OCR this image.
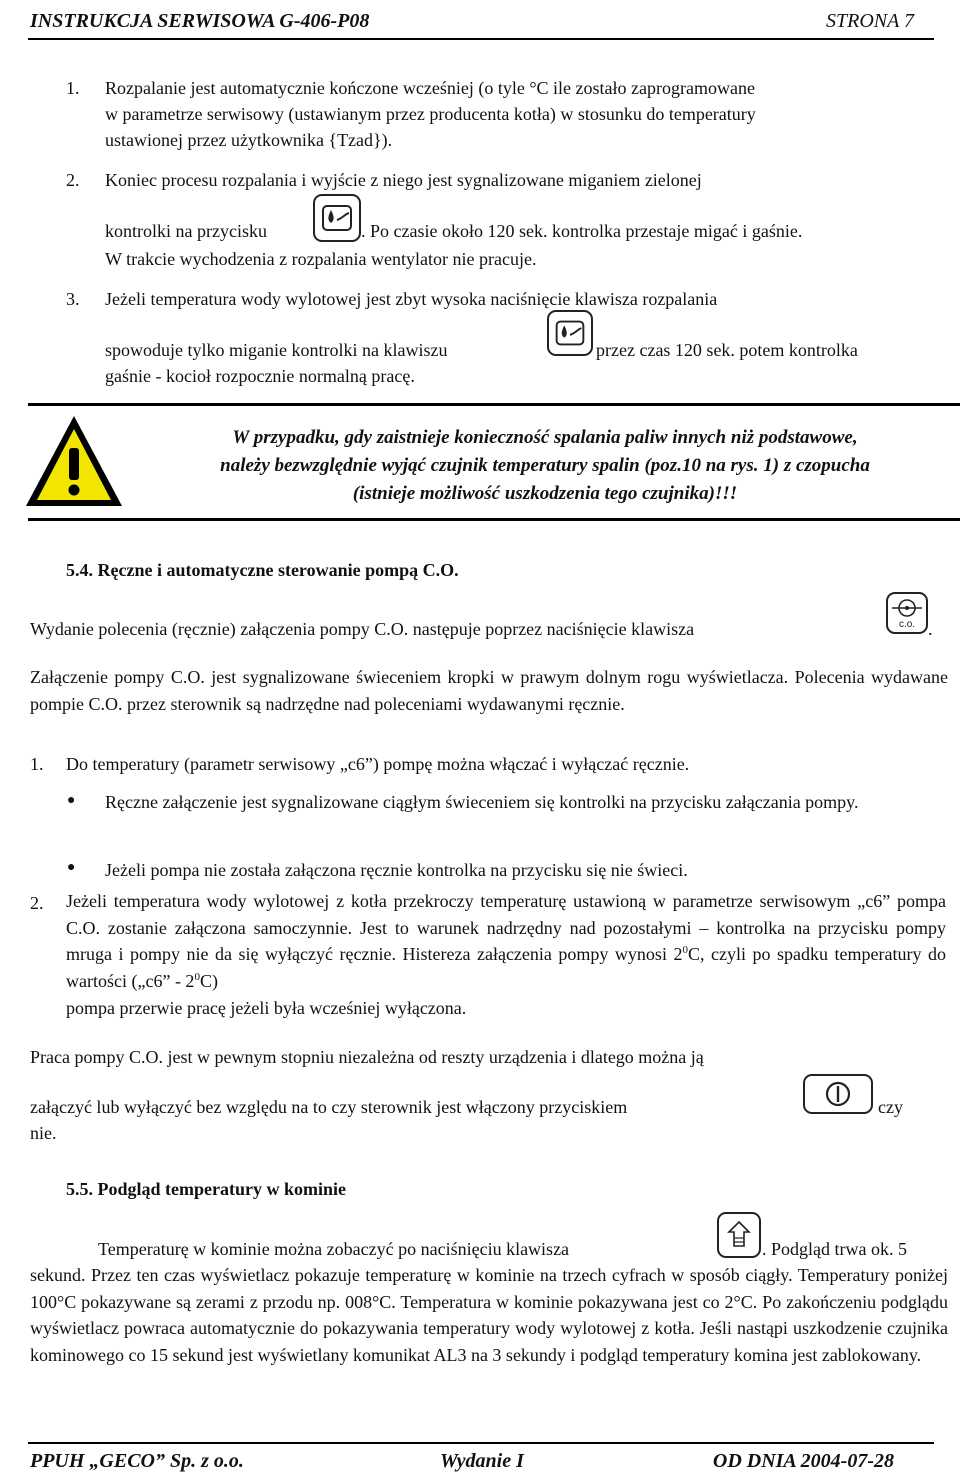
INSTRUKCJA SERWISOWA G-406-P08	STRONA 7
1. Rozpalanie jest automatycznie kończone wcześniej (o tyle °C ile zostało zaprogramowane
w parametrze serwisowy (ustawianym przez producenta kotła) w stosunku do temperatury
ustawionej przez użytkownika {Tzad}).
2. Koniec procesu rozpalania i wyjście z niego jest sygnalizowane miganiem zielonej
kontrolki na przycisku	. Po czasie około 120 sek. kontrolka przestaje migać i gaśnie.
W trakcie wychodzenia z rozpalania wentylator nie pracuje.
3. Jeżeli temperatura wody wylotowej jest zbyt wysoka naciśnięcie klawisza rozpalania
spowoduje tylko miganie kontrolki na klawiszu	przez czas 120 sek. potem kontrolka
gaśnie - kocioł rozpocznie normalną pracę.
W przypadku, gdy zaistnieje konieczność spalania paliw innych niż podstawowe,
należy bezwzględnie wyjąć czujnik temperatury spalin (poz.10 na rys. 1) z czopucha
(istnieje możliwość uszkodzenia tego czujnika)!!!
5.4. Ręczne i automatyczne sterowanie pompą C.O.
Wydanie polecenia (ręcznie) załączenia pompy C.O. następuje poprzez naciśnięcie klawisza	c.o. .
Załączenie pompy C.O. jest sygnalizowane świeceniem kropki w prawym dolnym rogu wyświetlacza. Polecenia wydawane pompie C.O. przez sterownik są nadrzędne nad poleceniami wydawanymi ręcznie.
1. Do temperatury (parametr serwisowy „c6”) pompę można włączać i wyłączać ręcznie.
● Ręczne załączenie jest sygnalizowane ciągłym świeceniem się kontrolki na przycisku załączania pompy.
● Jeżeli pompa nie została załączona ręcznie kontrolka na przycisku się nie świeci.
2. Jeżeli temperatura wody wylotowej z kotła przekroczy temperaturę ustawioną w parametrze serwisowym „c6” pompa C.O. zostanie załączona samoczynnie. Jest to warunek nadrzędny nad pozostałymi – kontrolka na przycisku pompy mruga i pompy nie da się wyłączyć ręcznie. Histereza załączenia pompy wynosi $2^0C$, czyli po spadku temperatury do wartości („c6” - $2^0C$)
pompa przerwie pracę jeżeli była wcześniej wyłączona.
Praca pompy C.O. jest w pewnym stopniu niezależna od reszty urządzenia i dlatego można ją
załączyć lub wyłączyć bez względu na to czy sterownik jest włączony przyciskiem	czy
nie.
5.5. Podgląd temperatury w kominie
Temperaturę w kominie można zobaczyć po naciśnięciu klawisza	. Podgląd trwa ok. 5
sekund. Przez ten czas wyświetlacz pokazuje temperaturę w kominie na trzech cyfrach w sposób ciągły. Temperatury poniżej 100°C pokazywane są zerami z przodu np. 008°C. Temperatura w kominie pokazywana jest co 2°C. Po zakończeniu podglądu wyświetlacz powraca automatycznie do pokazywania temperatury wody wylotowej z kotła. Jeśli nastąpi uszkodzenie czujnika kominowego co 15 sekund jest wyświetlany komunikat AL3 na 3 sekundy i podgląd temperatury komina jest zablokowany.
PPUH „GECO” Sp. z o.o.	Wydanie I	OD DNIA 2004-07-28
